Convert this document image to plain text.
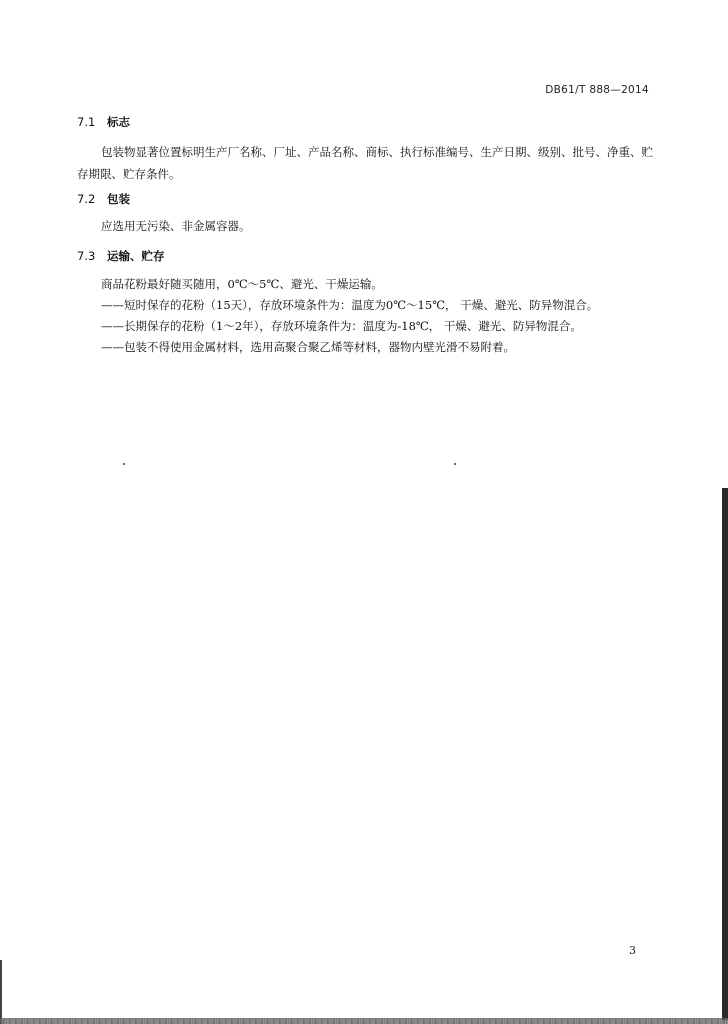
DB61/T 888—2014
7.1 标志
包装物显著位置标明生产厂名称、厂址、产品名称、商标、执行标准编号、生产日期、级别、批号、净重、贮存期限、贮存条件。
7.2 包装
应选用无污染、非金属容器。
7.3 运输、贮存
商品花粉最好随买随用，0℃～5℃、避光、干燥运输。
——短时保存的花粉（15天），存放环境条件为：温度为0℃～15℃， 干燥、避光、防异物混合。
——长期保存的花粉（1～2年），存放环境条件为：温度为-18℃， 干燥、避光、防异物混合。
——包装不得使用金属材料，选用高聚合聚乙烯等材料，器物内壁光滑不易附着。
3
